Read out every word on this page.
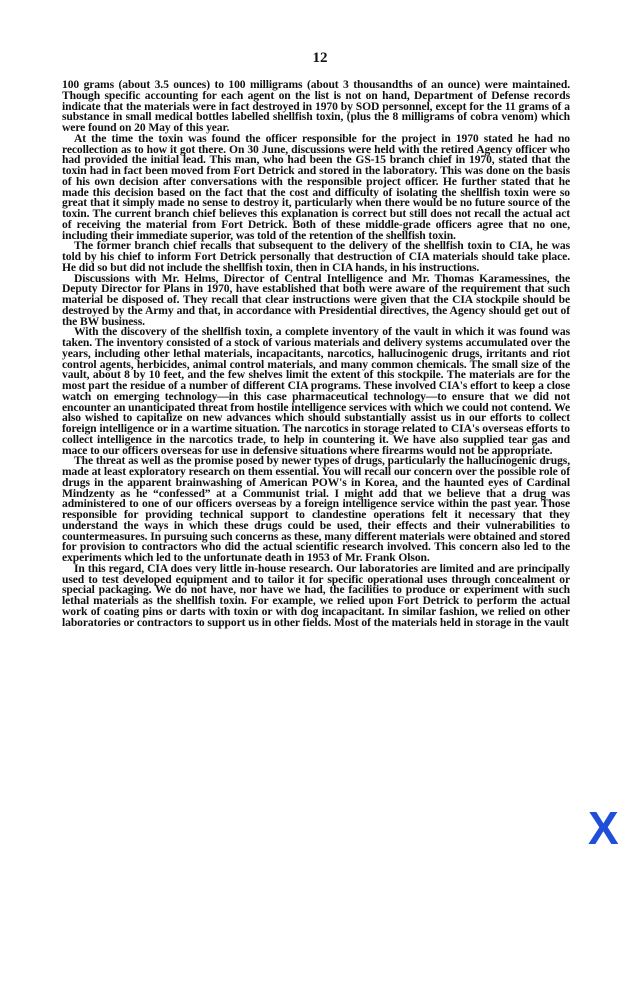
12

100 grams (about 3.5 ounces) to 100 milligrams (about 3 thousandths of an ounce) were maintained. Though specific accounting for each agent on the list is not on hand, Department of Defense records indicate that the materials were in fact destroyed in 1970 by SOD personnel, except for the 11 grams of a substance in small medical bottles labelled shellfish toxin, (plus the 8 milligrams of cobra venom) which were found on 20 May of this year.

At the time the toxin was found the officer responsible for the project in 1970 stated he had no recollection as to how it got there. On 30 June, discussions were held with the retired Agency officer who had provided the initial lead. This man, who had been the GS-15 branch chief in 1970, stated that the toxin had in fact been moved from Fort Detrick and stored in the laboratory. This was done on the basis of his own decision after conversations with the responsible project officer. He further stated that he made this decision based on the fact that the cost and difficulty of isolating the shellfish toxin were so great that it simply made no sense to destroy it, particularly when there would be no future source of the toxin. The current branch chief believes this explanation is correct but still does not recall the actual act of receiving the material from Fort Detrick. Both of these middle-grade officers agree that no one, including their immediate superior, was told of the retention of the shellfish toxin.

The former branch chief recalls that subsequent to the delivery of the shellfish toxin to CIA, he was told by his chief to inform Fort Detrick personally that destruction of CIA materials should take place. He did so but did not include the shellfish toxin, then in CIA hands, in his instructions.

Discussions with Mr. Helms, Director of Central Intelligence and Mr. Thomas Karamessines, the Deputy Director for Plans in 1970, have established that both were aware of the requirement that such material be disposed of. They recall that clear instructions were given that the CIA stockpile should be destroyed by the Army and that, in accordance with Presidential directives, the Agency should get out of the BW business.

With the discovery of the shellfish toxin, a complete inventory of the vault in which it was found was taken. The inventory consisted of a stock of various materials and delivery systems accumulated over the years, including other lethal materials, incapacitants, narcotics, hallucinogenic drugs, irritants and riot control agents, herbicides, animal control materials, and many common chemicals. The small size of the vault, about 8 by 10 feet, and the few shelves limit the extent of this stockpile. The materials are for the most part the residue of a number of different CIA programs. These involved CIA's effort to keep a close watch on emerging technology—in this case pharmaceutical technology—to ensure that we did not encounter an unanticipated threat from hostile intelligence services with which we could not contend. We also wished to capitalize on new advances which should substantially assist us in our efforts to collect foreign intelligence or in a wartime situation. The narcotics in storage related to CIA's overseas efforts to collect intelligence in the narcotics trade, to help in countering it. We have also supplied tear gas and mace to our officers overseas for use in defensive situations where firearms would not be appropriate.

The threat as well as the promise posed by newer types of drugs, particularly the hallucinogenic drugs, made at least exploratory research on them essential. You will recall our concern over the possible role of drugs in the apparent brainwashing of American POW's in Korea, and the haunted eyes of Cardinal Mindzenty as he “confessed” at a Communist trial. I might add that we believe that a drug was administered to one of our officers overseas by a foreign intelligence service within the past year. Those responsible for providing technical support to clandestine operations felt it necessary that they understand the ways in which these drugs could be used, their effects and their vulnerabilities to countermeasures. In pursuing such concerns as these, many different materials were obtained and stored for provision to contractors who did the actual scientific research involved. This concern also led to the experiments which led to the unfortunate death in 1953 of Mr. Frank Olson.

In this regard, CIA does very little in-house research. Our laboratories are limited and are principally used to test developed equipment and to tailor it for specific operational uses through concealment or special packaging. We do not have, nor have we had, the facilities to produce or experiment with such lethal materials as the shellfish toxin. For example, we relied upon Fort Detrick to perform the actual work of coating pins or darts with toxin or with dog incapacitant. In similar fashion, we relied on other laboratories or contractors to support us in other fields. Most of the materials held in storage in the vault

X
